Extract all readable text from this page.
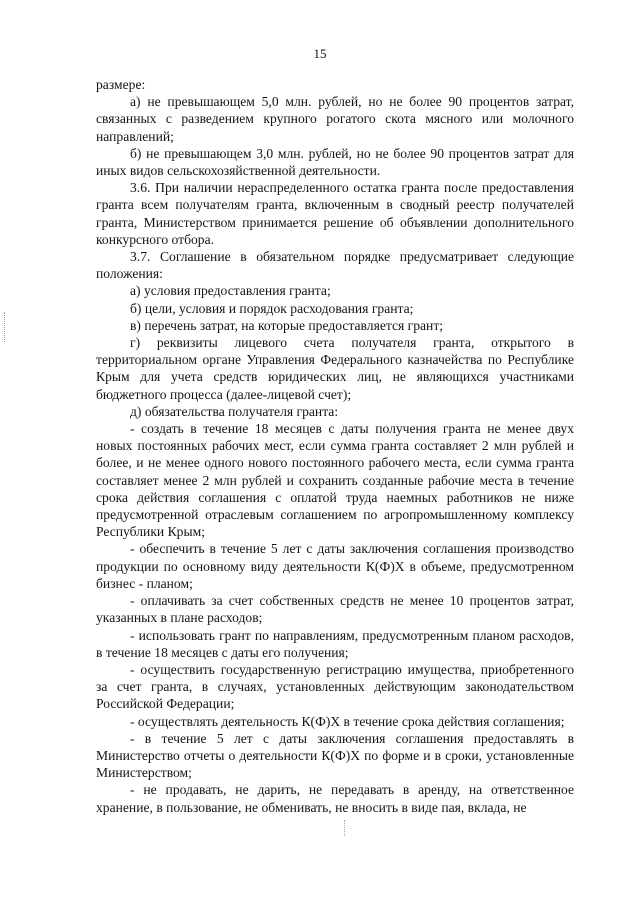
15

размере:

а) не превышающем 5,0 млн. рублей, но не более 90 процентов затрат, связанных с разведением крупного рогатого скота мясного или молочного направлений;

б) не превышающем 3,0 млн. рублей, но не более 90 процентов затрат для иных видов сельскохозяйственной деятельности.

3.6. При наличии нераспределенного остатка гранта после предоставления гранта всем получателям гранта, включенным в сводный реестр получателей гранта, Министерством принимается решение об объявлении дополнительного конкурсного отбора.

3.7. Соглашение в обязательном порядке предусматривает следующие положения:

а) условия предоставления гранта;

б) цели, условия и порядок расходования гранта;

в) перечень затрат, на которые предоставляется грант;

г) реквизиты лицевого счета получателя гранта, открытого в территориальном органе Управления Федерального казначейства по Республике Крым для учета средств юридических лиц, не являющихся участниками бюджетного процесса (далее-лицевой счет);

д) обязательства получателя гранта:

- создать в течение 18 месяцев с даты получения гранта не менее двух новых постоянных рабочих мест, если сумма гранта составляет 2 млн рублей и более, и не менее одного нового постоянного рабочего места, если сумма гранта составляет менее 2 млн рублей и сохранить созданные рабочие места в течение срока действия соглашения с оплатой труда наемных работников не ниже предусмотренной отраслевым соглашением по агропромышленному комплексу Республики Крым;

- обеспечить в течение 5 лет с даты заключения соглашения производство продукции по основному виду деятельности К(Ф)Х в объеме, предусмотренном бизнес - планом;

- оплачивать за счет собственных средств не менее 10 процентов затрат, указанных в плане расходов;

- использовать грант по направлениям, предусмотренным планом расходов, в течение 18 месяцев с даты его получения;

- осуществить государственную регистрацию имущества, приобретенного за счет гранта, в случаях, установленных действующим законодательством Российской Федерации;

- осуществлять деятельность К(Ф)Х в течение срока действия соглашения;

- в течение 5 лет с даты заключения соглашения предоставлять в Министерство отчеты о деятельности К(Ф)Х по форме и в сроки, установленные Министерством;

- не продавать, не дарить, не передавать в аренду, на ответственное хранение, в пользование, не обменивать, не вносить в виде пая, вклада, не
